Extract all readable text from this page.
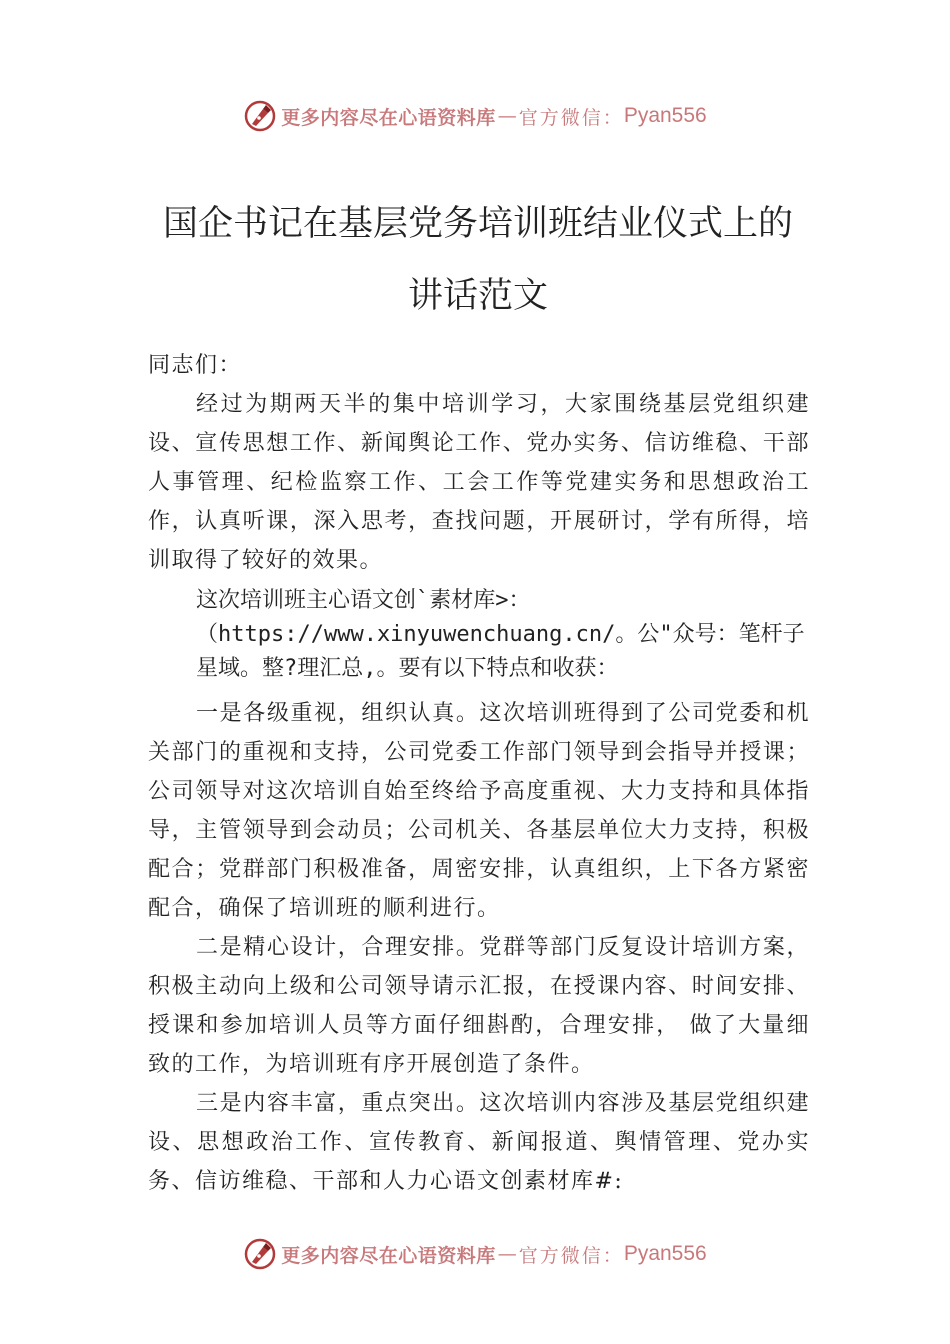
更多内容尽在心语资料库 — 官方微信： Pyan556
国企书记在基层党务培训班结业仪式上的
讲话范文

同志们：

经过为期两天半的集中培训学习，大家围绕基层党组织建设、宣传思想工作、新闻舆论工作、党办实务、信访维稳、干部人事管理、纪检监察工作、工会工作等党建实务和思想政治工作，认真听课，深入思考，查找问题，开展研讨，学有所得，培训取得了较好的效果。

这次培训班主心语文创`素材库>：（https://www.xinyuwenchuang.cn/。公"众号：笔杆子星域。整?理汇总,。要有以下特点和收获：

一是各级重视，组织认真。这次培训班得到了公司党委和机关部门的重视和支持，公司党委工作部门领导到会指导并授课；公司领导对这次培训自始至终给予高度重视、大力支持和具体指导，主管领导到会动员；公司机关、各基层单位大力支持，积极配合；党群部门积极准备，周密安排，认真组织，上下各方紧密配合，确保了培训班的顺利进行。

二是精心设计，合理安排。党群等部门反复设计培训方案，积极主动向上级和公司领导请示汇报，在授课内容、时间安排、授课和参加培训人员等方面仔细斟酌，合理安排， 做了大量细致的工作，为培训班有序开展创造了条件。

三是内容丰富，重点突出。这次培训内容涉及基层党组织建设、思想政治工作、宣传教育、新闻报道、舆情管理、党办实务、信访维稳、干部和人力心语文创素材库#:

更多内容尽在心语资料库 — 官方微信： Pyan556
